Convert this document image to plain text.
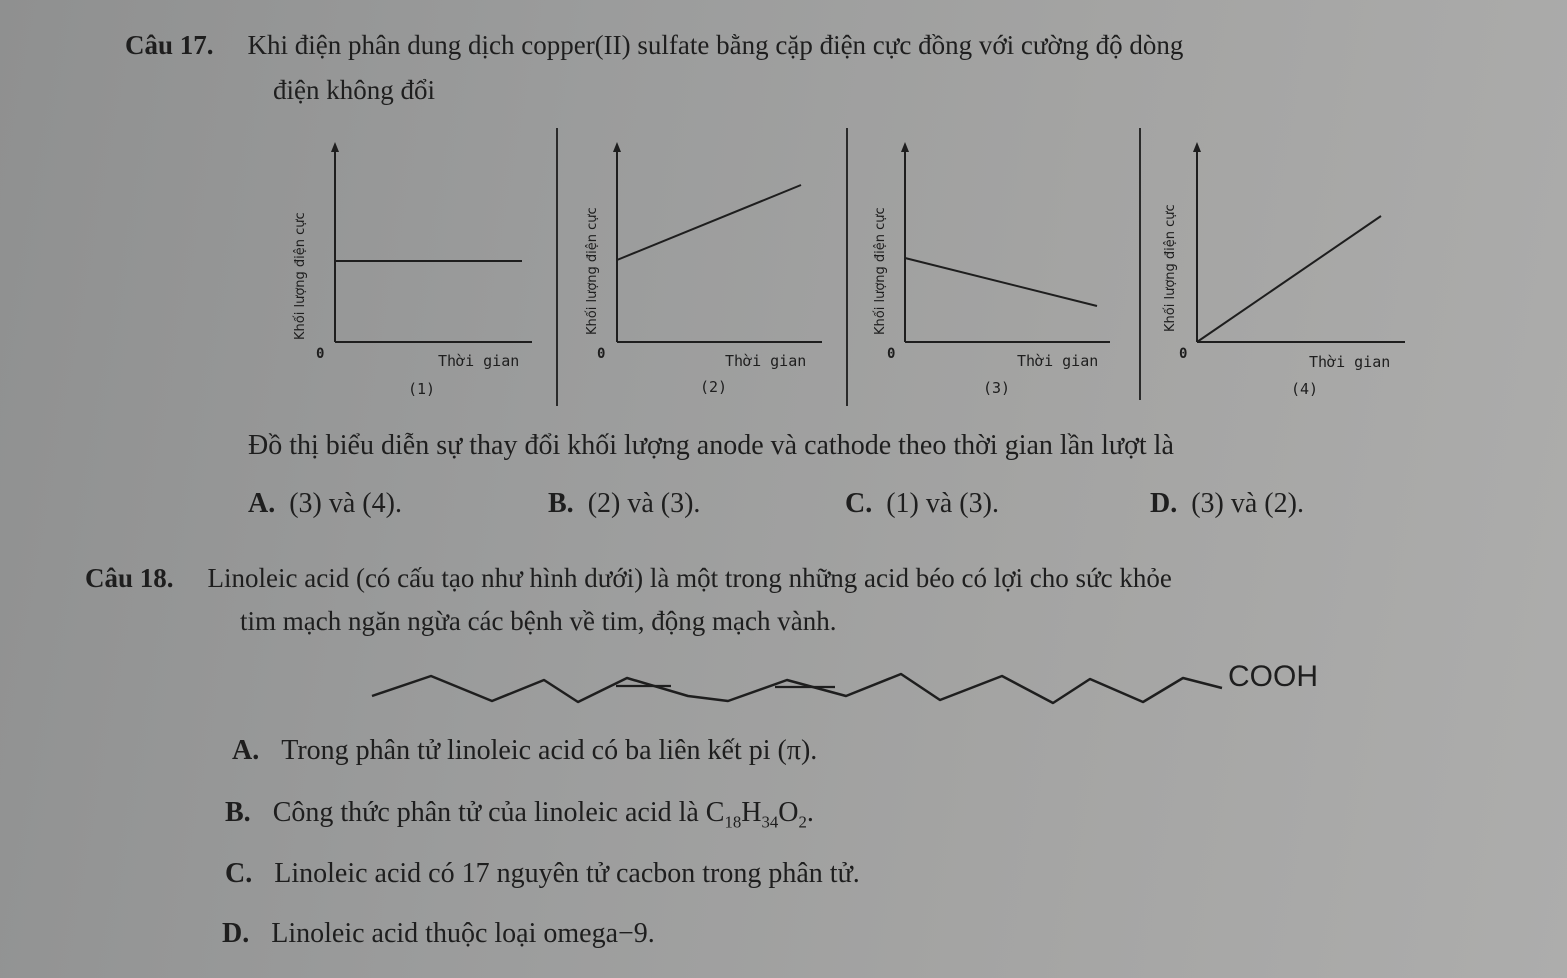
Câu 17. Khi điện phân dung dịch copper(II) sulfate bằng cặp điện cực đồng với cường độ dòng
điện không đổi
Khối lượng điện cực
0	Thời gian
(1)
Khối lượng điện cực
0	Thời gian
(2)
Khối lượng điện cực
0	Thời gian
(3)
Khối lượng điện cực
0	Thời gian
(4)
Đồ thị biểu diễn sự thay đổi khối lượng anode và cathode theo thời gian lần lượt là
A. (3) và (4).	B. (2) và (3).	C. (1) và (3).	D. (3) và (2).
Câu 18. Linoleic acid (có cấu tạo như hình dưới) là một trong những acid béo có lợi cho sức khỏe
tim mạch ngăn ngừa các bệnh về tim, động mạch vành.
COOH
A. Trong phân tử linoleic acid có ba liên kết pi (π).
B. Công thức phân tử của linoleic acid là $C_{18}H_{34}O_2$.
C. Linoleic acid có 17 nguyên tử cacbon trong phân tử.
D. Linoleic acid thuộc loại omega−9.
